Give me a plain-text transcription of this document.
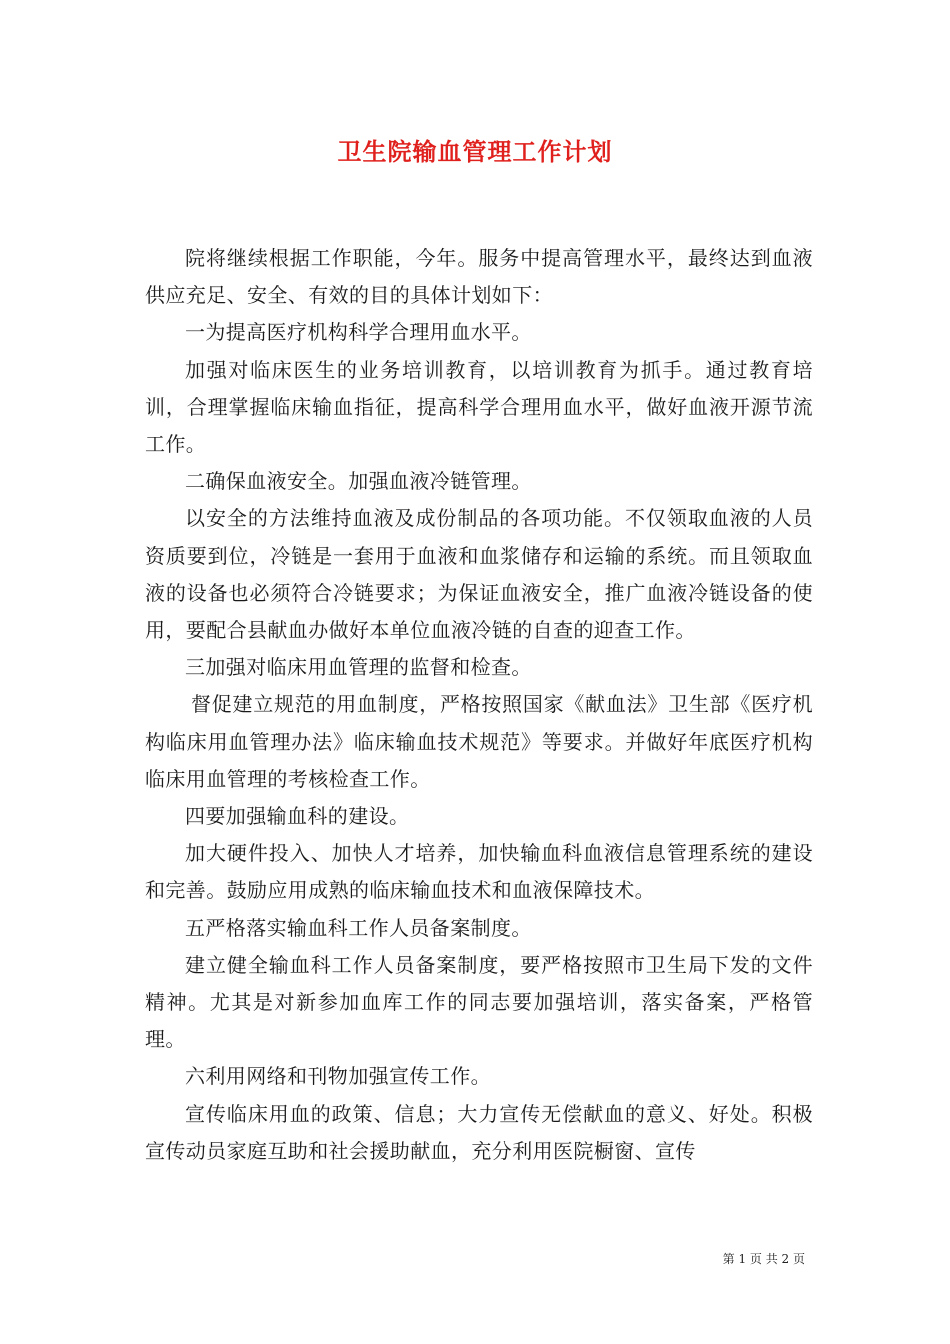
卫生院输血管理工作计划

院将继续根据工作职能，今年。服务中提高管理水平，最终达到血液供应充足、安全、有效的目的具体计划如下：

一为提高医疗机构科学合理用血水平。

加强对临床医生的业务培训教育，以培训教育为抓手。通过教育培训，合理掌握临床输血指征，提高科学合理用血水平，做好血液开源节流工作。

二确保血液安全。加强血液冷链管理。

以安全的方法维持血液及成份制品的各项功能。不仅领取血液的人员资质要到位，冷链是一套用于血液和血浆储存和运输的系统。而且领取血液的设备也必须符合冷链要求；为保证血液安全，推广血液冷链设备的使用，要配合县献血办做好本单位血液冷链的自查的迎查工作。

三加强对临床用血管理的监督和检查。

督促建立规范的用血制度，严格按照国家《献血法》卫生部《医疗机构临床用血管理办法》临床输血技术规范》等要求。并做好年底医疗机构临床用血管理的考核检查工作。

四要加强输血科的建设。

加大硬件投入、加快人才培养，加快输血科血液信息管理系统的建设和完善。鼓励应用成熟的临床输血技术和血液保障技术。

五严格落实输血科工作人员备案制度。

建立健全输血科工作人员备案制度，要严格按照市卫生局下发的文件精神。尤其是对新参加血库工作的同志要加强培训，落实备案，严格管理。

六利用网络和刊物加强宣传工作。

宣传临床用血的政策、信息；大力宣传无偿献血的意义、好处。积极宣传动员家庭互助和社会援助献血，充分利用医院橱窗、宣传

第 1 页 共 2 页
